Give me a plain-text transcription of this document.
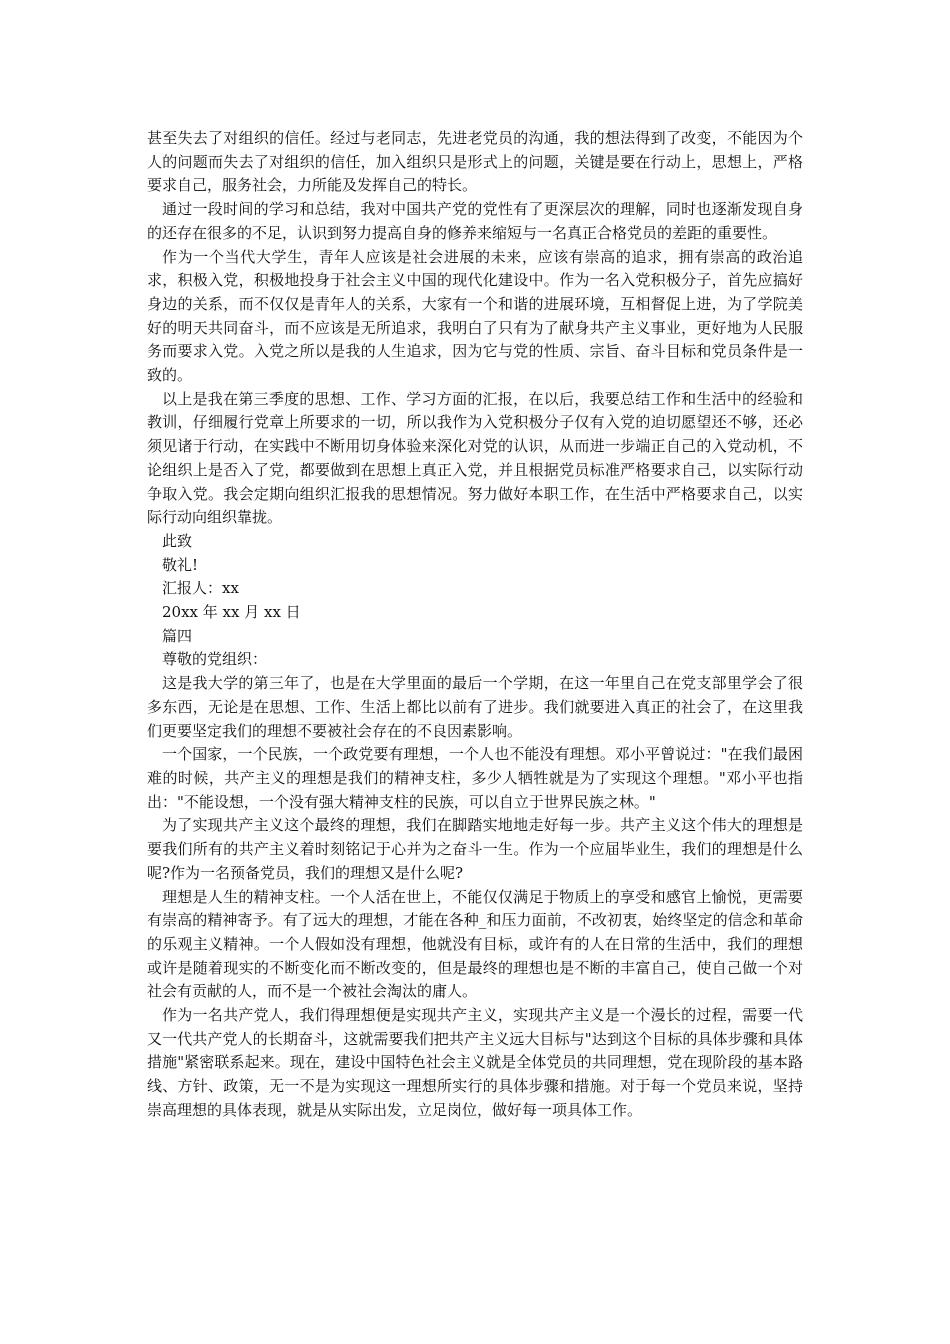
甚至失去了对组织的信任。经过与老同志，先进老党员的沟通，我的想法得到了改变，不能因为个人的问题而失去了对组织的信任，加入组织只是形式上的问题，关键是要在行动上，思想上，严格要求自己，服务社会，力所能及发挥自己的特长。

通过一段时间的学习和总结，我对中国共产党的党性有了更深层次的理解，同时也逐渐发现自身的还存在很多的不足，认识到努力提高自身的修养来缩短与一名真正合格党员的差距的重要性。

作为一个当代大学生，青年人应该是社会进展的未来，应该有崇高的追求，拥有崇高的政治追求，积极入党，积极地投身于社会主义中国的现代化建设中。作为一名入党积极分子，首先应搞好身边的关系，而不仅仅是青年人的关系，大家有一个和谐的进展环境，互相督促上进，为了学院美好的明天共同奋斗，而不应该是无所追求，我明白了只有为了献身共产主义事业，更好地为人民服务而要求入党。入党之所以是我的人生追求，因为它与党的性质、宗旨、奋斗目标和党员条件是一致的。

以上是我在第三季度的思想、工作、学习方面的汇报，在以后，我要总结工作和生活中的经验和教训，仔细履行党章上所要求的一切，所以我作为入党积极分子仅有入党的迫切愿望还不够，还必须见诸于行动，在实践中不断用切身体验来深化对党的认识，从而进一步端正自己的入党动机，不论组织上是否入了党，都要做到在思想上真正入党，并且根据党员标准严格要求自己，以实际行动争取入党。我会定期向组织汇报我的思想情况。努力做好本职工作，在生活中严格要求自己，以实际行动向组织靠拢。

此致

敬礼!

汇报人：xx

20xx 年 xx 月 xx 日

篇四

尊敬的党组织：

这是我大学的第三年了，也是在大学里面的最后一个学期，在这一年里自己在党支部里学会了很多东西，无论是在思想、工作、生活上都比以前有了进步。我们就要进入真正的社会了，在这里我们更要坚定我们的理想不要被社会存在的不良因素影响。

一个国家，一个民族，一个政党要有理想，一个人也不能没有理想。邓小平曾说过："在我们最困难的时候，共产主义的理想是我们的精神支柱，多少人牺牲就是为了实现这个理想。"邓小平也指出："不能设想，一个没有强大精神支柱的民族，可以自立于世界民族之林。"

为了实现共产主义这个最终的理想，我们在脚踏实地地走好每一步。共产主义这个伟大的理想是要我们所有的共产主义着时刻铭记于心并为之奋斗一生。作为一个应届毕业生，我们的理想是什么呢?作为一名预备党员，我们的理想又是什么呢?

理想是人生的精神支柱。一个人活在世上，不能仅仅满足于物质上的享受和感官上愉悦，更需要有崇高的精神寄予。有了远大的理想，才能在各种_和压力面前，不改初衷，始终坚定的信念和革命的乐观主义精神。一个人假如没有理想，他就没有目标，或许有的人在日常的生活中，我们的理想或许是随着现实的不断变化而不断改变的，但是最终的理想也是不断的丰富自己，使自己做一个对社会有贡献的人，而不是一个被社会淘汰的庸人。

作为一名共产党人，我们得理想便是实现共产主义，实现共产主义是一个漫长的过程，需要一代又一代共产党人的长期奋斗，这就需要我们把共产主义远大目标与"达到这个目标的具体步骤和具体措施"紧密联系起来。现在，建设中国特色社会主义就是全体党员的共同理想，党在现阶段的基本路线、方针、政策，无一不是为实现这一理想所实行的具体步骤和措施。对于每一个党员来说，坚持崇高理想的具体表现，就是从实际出发，立足岗位，做好每一项具体工作。
